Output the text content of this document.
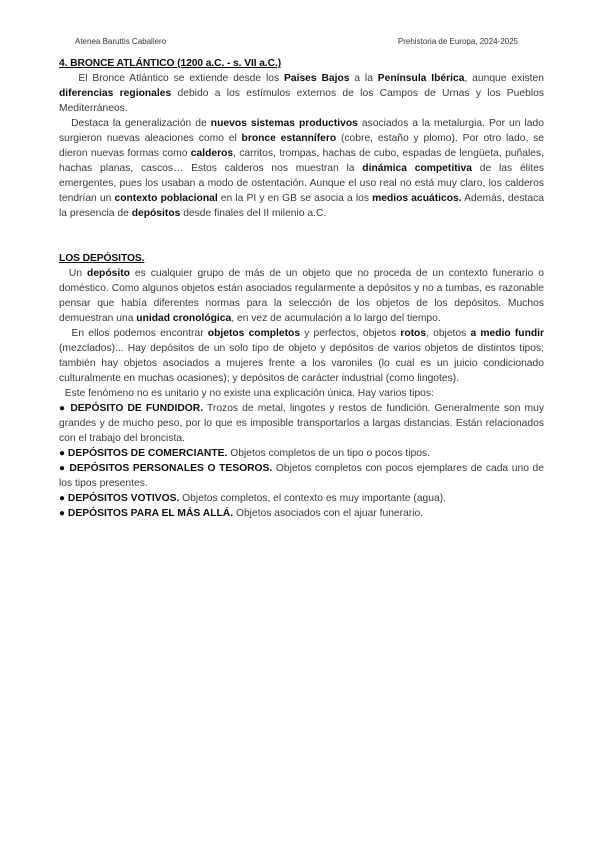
Atenea Baruttis Caballero	Prehistoria de Europa, 2024-2025

4. BRONCE ATLÁNTICO (1200 a.C. - s. VII a.C.)

El Bronce Atlántico se extiende desde los Países Bajos a la Península Ibérica, aunque existen diferencias regionales debido a los estímulos externos de los Campos de Urnas y los Pueblos Mediterráneos.

Destaca la generalización de nuevos sistemas productivos asociados a la metalurgia. Por un lado surgieron nuevas aleaciones como el bronce estannífero (cobre, estaño y plomo). Por otro lado, se dieron nuevas formas como calderos, carritos, trompas, hachas de cubo, espadas de lengüeta, puñales, hachas planas, cascos… Estos calderos nos muestran la dinámica competitiva de las élites emergentes, pues los usaban a modo de ostentación. Aunque el uso real no está muy claro, los calderos tendrían un contexto poblacional en la PI y en GB se asocia a los medios acuáticos. Además, destaca la presencia de depósitos desde finales del II milenio a.C.

LOS DEPÓSITOS.

Un depósito es cualquier grupo de más de un objeto que no proceda de un contexto funerario o doméstico. Como algunos objetos están asociados regularmente a depósitos y no a tumbas, es razonable pensar que había diferentes normas para la selección de los objetos de los depósitos. Muchos demuestran una unidad cronológica, en vez de acumulación a lo largo del tiempo.

En ellos podemos encontrar objetos completos y perfectos, objetos rotos, objetos a medio fundir (mezclados)... Hay depósitos de un solo tipo de objeto y depósitos de varios objetos de distintos tipos; también hay objetos asociados a mujeres frente a los varoniles (lo cual es un juicio condicionado culturalmente en muchas ocasiones); y depósitos de carácter industrial (como lingotes).

Este fenómeno no es unitario y no existe una explicación única. Hay varios tipos:

● DEPÓSITO DE FUNDIDOR. Trozos de metal, lingotes y restos de fundición. Generalmente son muy grandes y de mucho peso, por lo que es imposible transportarlos a largas distancias. Están relacionados con el trabajo del broncista.

● DEPÓSITOS DE COMERCIANTE. Objetos completos de un tipo o pocos tipos.

● DEPÓSITOS PERSONALES O TESOROS. Objetos completos con pocos ejemplares de cada uno de los tipos presentes.

● DEPÓSITOS VOTIVOS. Objetos completos, el contexto es muy importante (agua).

● DEPÓSITOS PARA EL MÁS ALLÁ. Objetos asociados con el ajuar funerario.
